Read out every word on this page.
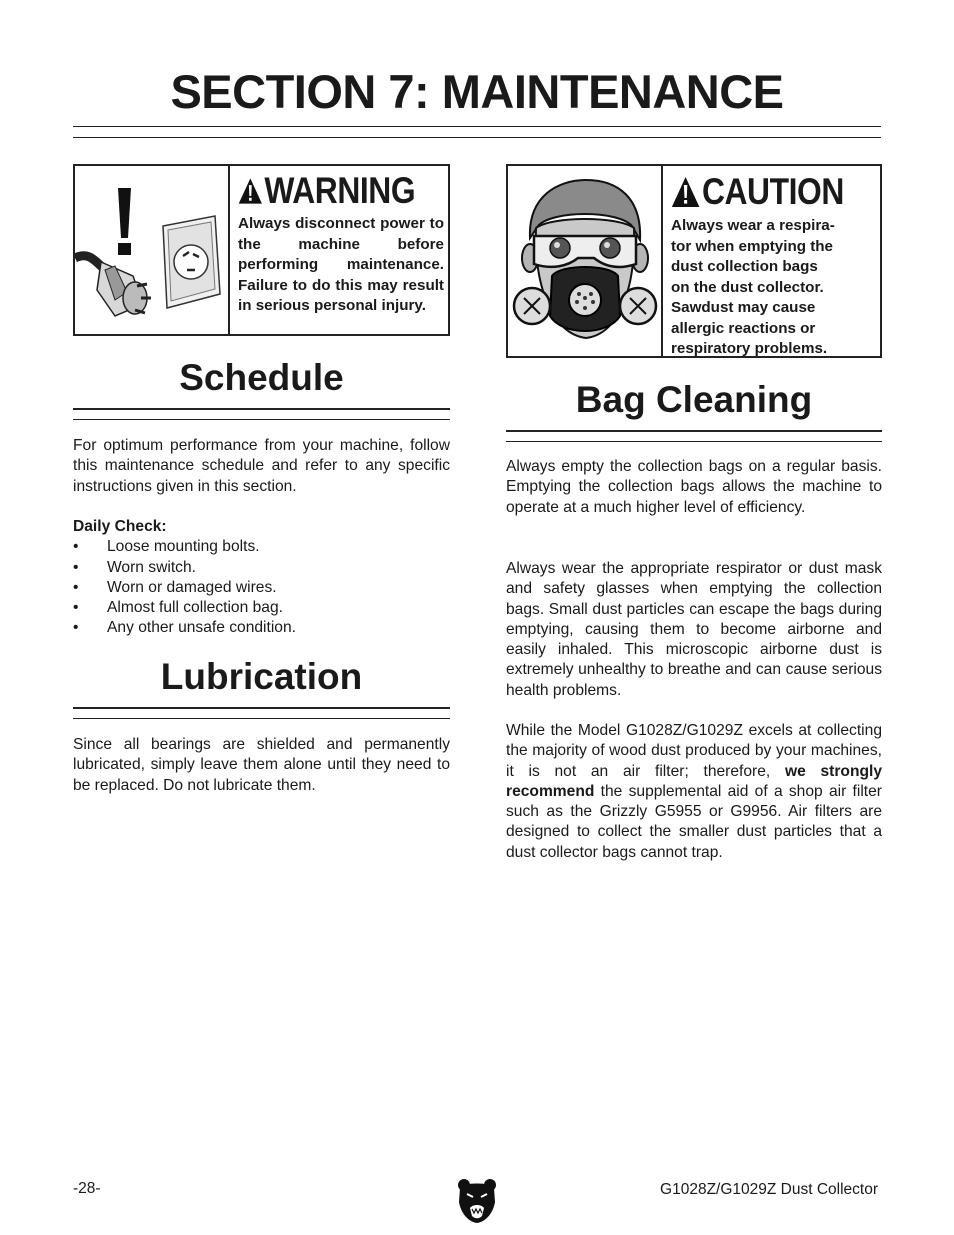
SECTION 7: MAINTENANCE
WARNING
Always disconnect power to the machine before performing maintenance. Failure to do this may result in serious personal injury.
CAUTION
Always wear a respira-
tor when emptying the
dust collection bags
on the dust collector.
Sawdust may cause
allergic reactions or
respiratory problems.
Schedule

For optimum performance from your machine, follow this maintenance schedule and refer to any specific instructions given in this section.

Daily Check:
• Loose mounting bolts.
• Worn switch.
• Worn or damaged wires.
• Almost full collection bag.
• Any other unsafe condition.
Lubrication

Since all bearings are shielded and permanently lubricated, simply leave them alone until they need to be replaced. Do not lubricate them.

Bag Cleaning

Always empty the collection bags on a regular basis. Emptying the collection bags allows the machine to operate at a much higher level of efficiency.

Always wear the appropriate respirator or dust mask and safety glasses when emptying the collection bags. Small dust particles can escape the bags during emptying, causing them to become airborne and easily inhaled. This microscopic airborne dust is extremely unhealthy to breathe and can cause serious health problems.

While the Model G1028Z/G1029Z excels at collecting the majority of wood dust produced by your machines, it is not an air filter; therefore, we strongly recommend the supplemental aid of a shop air filter such as the Grizzly G5955 or G9956. Air filters are designed to collect the smaller dust particles that a dust collector bags cannot trap.

-28-	G1028Z/G1029Z Dust Collector
